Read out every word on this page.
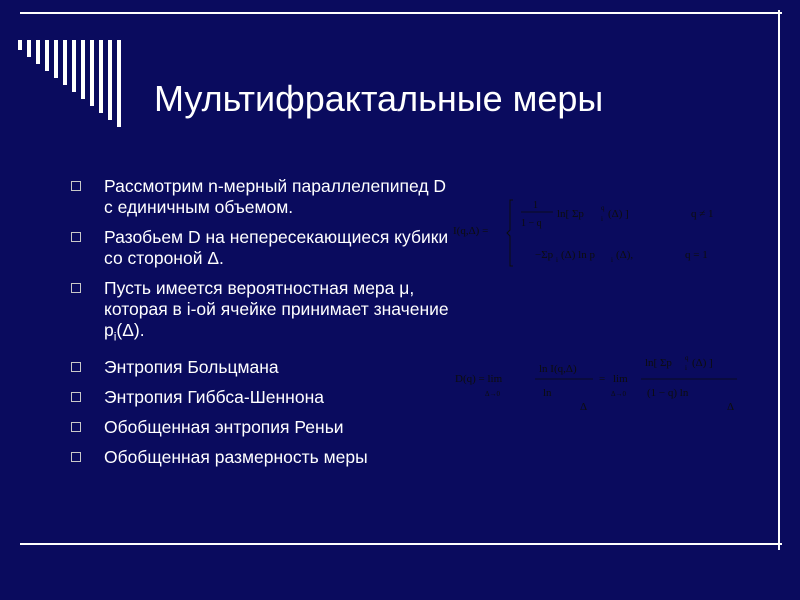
Мультифрактальные меры
Рассмотрим n-мерный параллелепипед D с единичным объемом.
Разобьем D на непересекающиеся кубики со стороной Δ.
Пусть имеется вероятностная мера μ, которая в i-ой ячейке принимает значение $p_i(\Delta)$.
Энтропия Больцмана
Энтропия Гиббса-Шеннона
Обобщенная энтропия Реньи
Обобщенная размерность меры
I(q,Δ) =
1
1 − q
ln[ Σp q
i (Δ) ]	q ≠ 1
−Σp i (Δ) ln p i (Δ),	q = 1
D(q) = lim
Δ→0
ln I(q,Δ)
ln
Δ
= lim
Δ→0
ln[ Σp q
i (Δ) ]
(1 − q) ln
Δ
